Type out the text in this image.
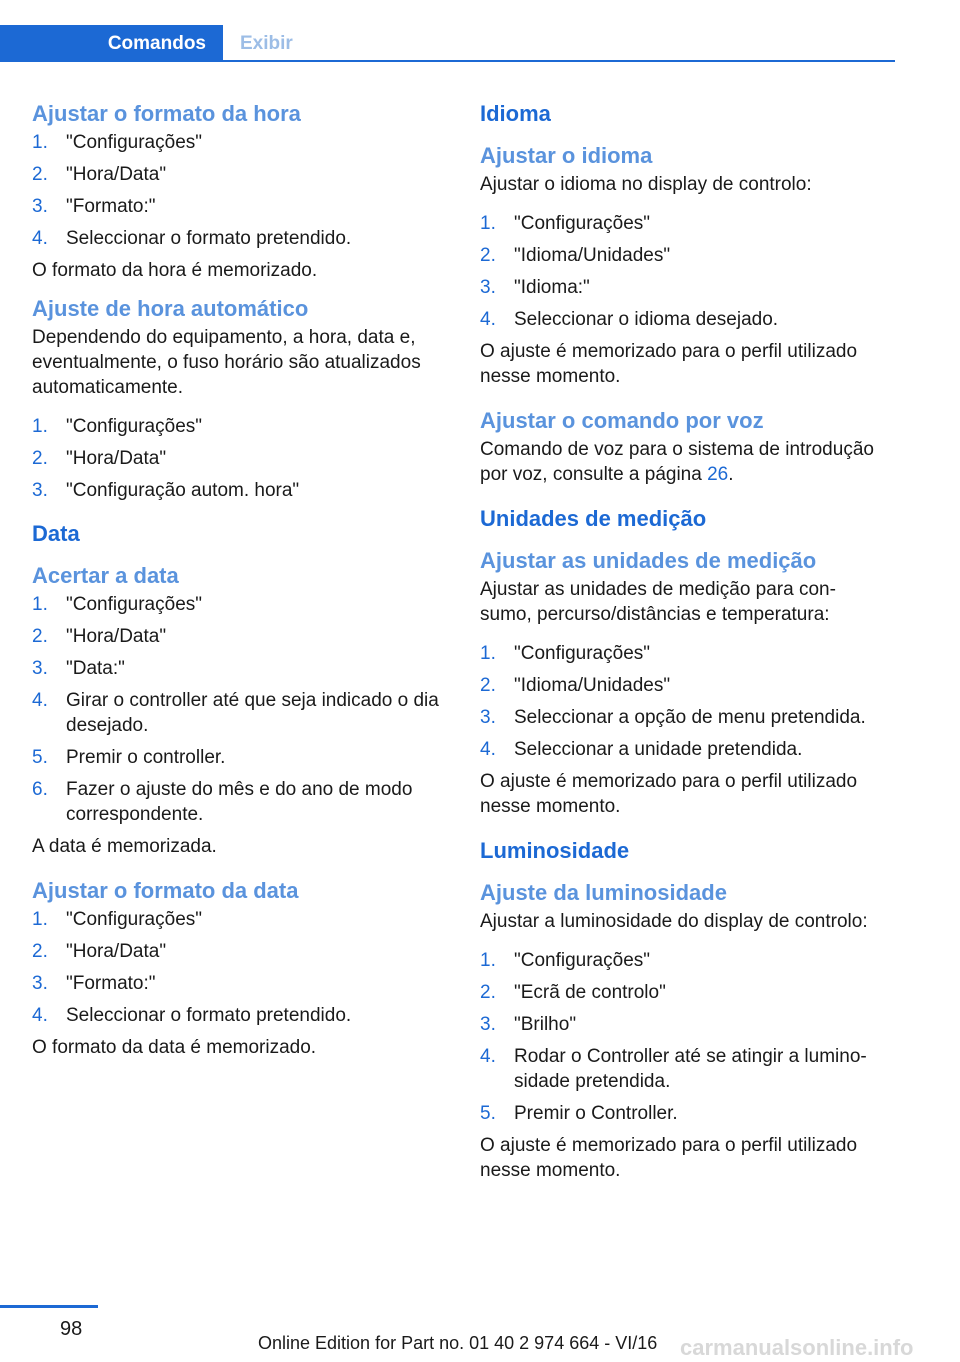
Comandos	Exibir
Ajustar o formato da hora
1. "Configurações"
2. "Hora/Data"
3. "Formato:"
4. Seleccionar o formato pretendido.

O formato da hora é memorizado.

Ajuste de hora automático

Dependendo do equipamento, a hora, data e, eventualmente, o fuso horário são atualizados automaticamente.

1. "Configurações"
2. "Hora/Data"
3. "Configuração autom. hora"
Data
Acertar a data
1. "Configurações"
2. "Hora/Data"
3. "Data:"
4. Girar o controller até que seja indicado o dia desejado.
5. Premir o controller.
6. Fazer o ajuste do mês e do ano de modo correspondente.

A data é memorizada.

Ajustar o formato da data
1. "Configurações"
2. "Hora/Data"
3. "Formato:"
4. Seleccionar o formato pretendido.

O formato da data é memorizado.

Idioma
Ajustar o idioma

Ajustar o idioma no display de controlo:

1. "Configurações"
2. "Idioma/Unidades"
3. "Idioma:"
4. Seleccionar o idioma desejado.

O ajuste é memorizado para o perfil utilizado nesse momento.

Ajustar o comando por voz

Comando de voz para o sistema de introdução por voz, consulte a página 26.

Unidades de medição
Ajustar as unidades de medição

Ajustar as unidades de medição para con‐ sumo, percurso/distâncias e temperatura:

1. "Configurações"
2. "Idioma/Unidades"
3. Seleccionar a opção de menu pretendida.
4. Seleccionar a unidade pretendida.

O ajuste é memorizado para o perfil utilizado nesse momento.

Luminosidade
Ajuste da luminosidade

Ajustar a luminosidade do display de controlo:

1. "Configurações"
2. "Ecrã de controlo"
3. "Brilho"
4. Rodar o Controller até se atingir a lumino‐ sidade pretendida.
5. Premir o Controller.

O ajuste é memorizado para o perfil utilizado nesse momento.

98
Online Edition for Part no. 01 40 2 974 664 - VI/16 carmanualsonline.info
